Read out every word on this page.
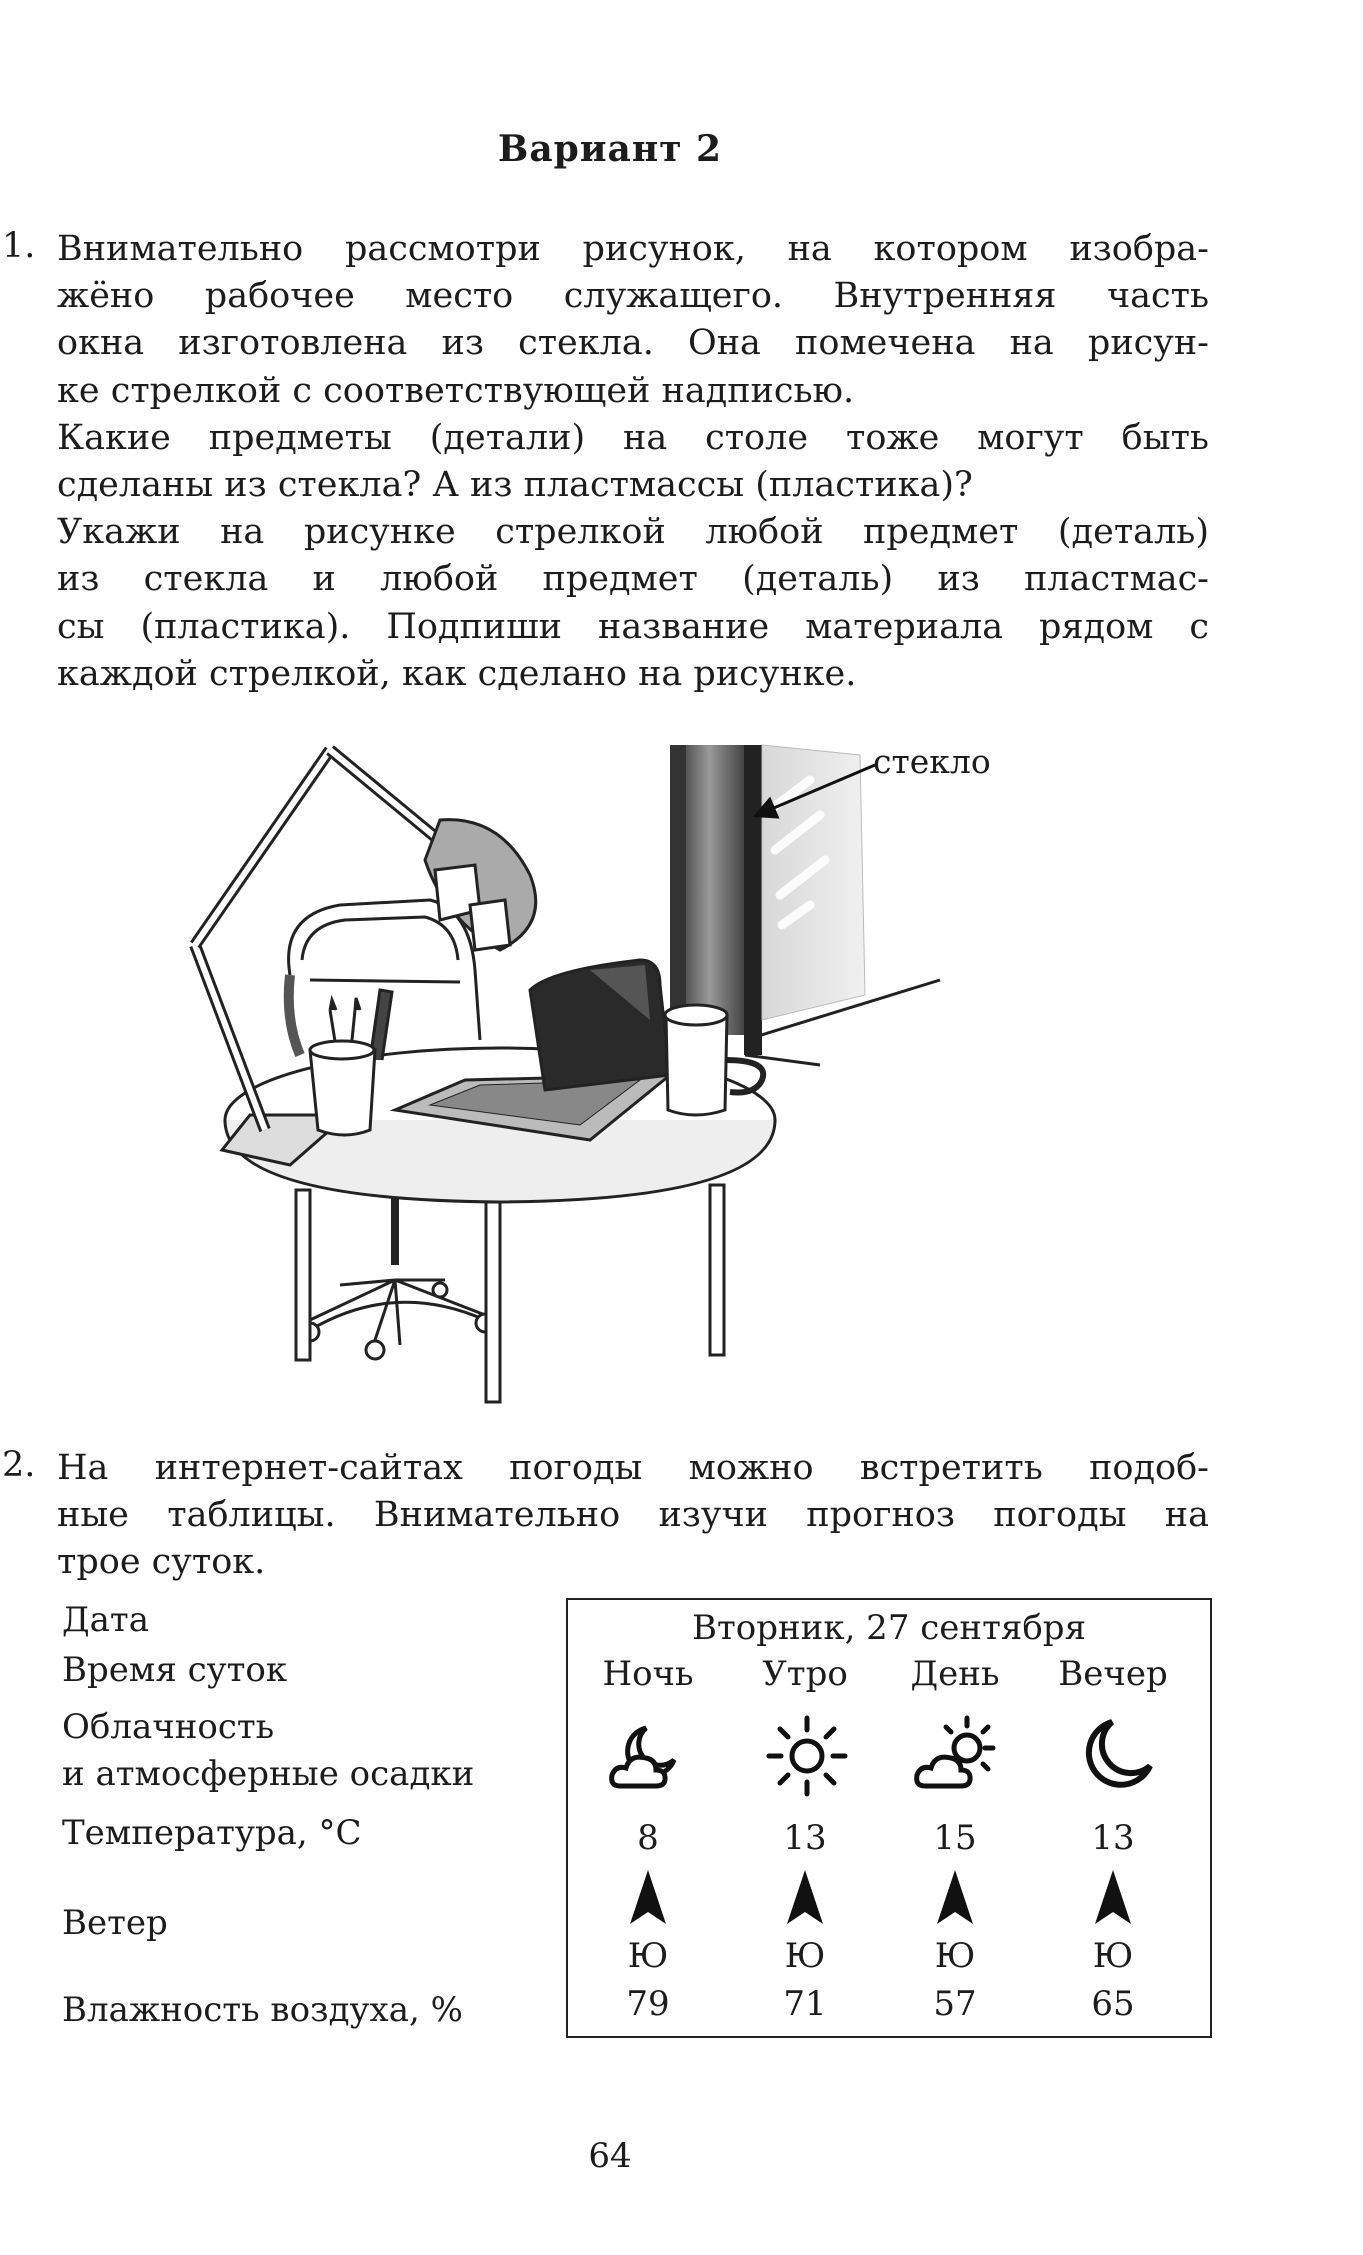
Вариант 2
1. Внимательно рассмотри рисунок, на котором изобра-

жёно рабочее место служащего. Внутренняя часть

окна изготовлена из стекла. Она помечена на рисун-

ке стрелкой с соответствующей надписью.

Какие предметы (детали) на столе тоже могут быть

сделаны из стекла? А из пластмассы (пластика)?

Укажи на рисунке стрелкой любой предмет (деталь)

из стекла и любой предмет (деталь) из пластмас-

сы (пластика). Подпиши название материала рядом с

каждой стрелкой, как сделано на рисунке.

стекло
2. На интернет-сайтах погоды можно встретить подоб-

ные таблицы. Внимательно изучи прогноз погоды на

трое суток.

Дата
Время суток
Облачность
и атмосферные осадки
Температура, °С
Ветер
Влажность воздуха, %
Вторник, 27 сентября
Ночь
8
Ю
79
Утро
13
Ю
71
День
15
Ю
57
Вечер
13
Ю
65
64
